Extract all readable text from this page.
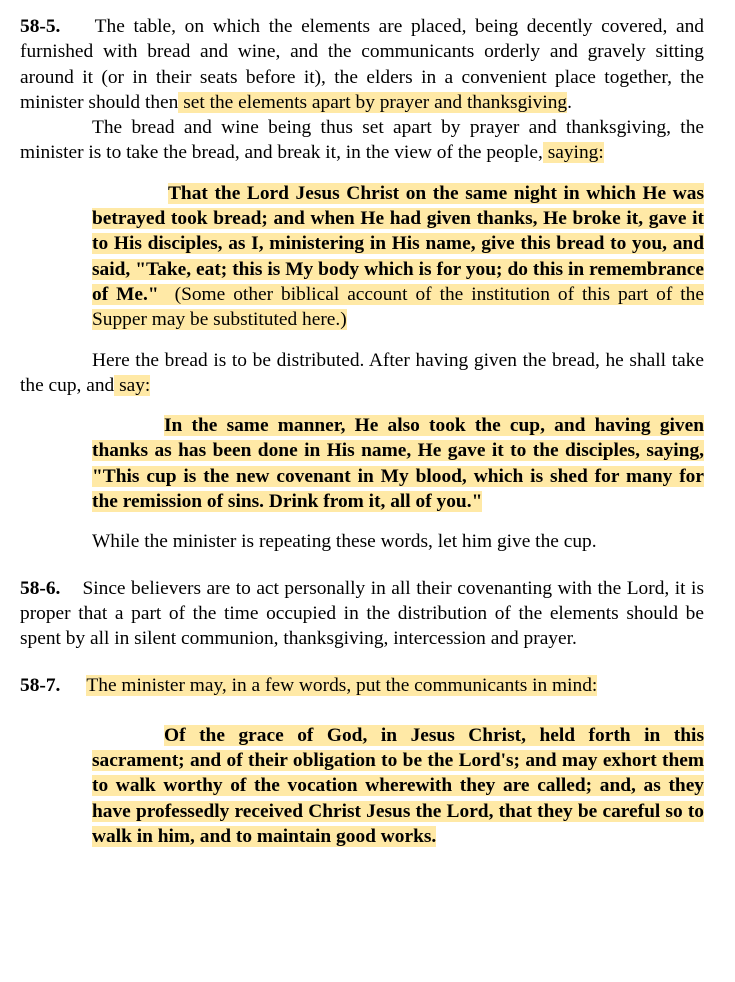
58-5. The table, on which the elements are placed, being decently covered, and furnished with bread and wine, and the communicants orderly and gravely sitting around it (or in their seats before it), the elders in a convenient place together, the minister should then set the elements apart by prayer and thanksgiving.

The bread and wine being thus set apart by prayer and thanksgiving, the minister is to take the bread, and break it, in the view of the people, saying:

That the Lord Jesus Christ on the same night in which He was betrayed took bread; and when He had given thanks, He broke it, gave it to His disciples, as I, ministering in His name, give this bread to you, and said, "Take, eat; this is My body which is for you; do this in remembrance of Me." (Some other biblical account of the institution of this part of the Supper may be substituted here.)

Here the bread is to be distributed. After having given the bread, he shall take the cup, and say:

In the same manner, He also took the cup, and having given thanks as has been done in His name, He gave it to the disciples, saying, "This cup is the new covenant in My blood, which is shed for many for the remission of sins. Drink from it, all of you."

While the minister is repeating these words, let him give the cup.

58-6. Since believers are to act personally in all their covenanting with the Lord, it is proper that a part of the time occupied in the distribution of the elements should be spent by all in silent communion, thanksgiving, intercession and prayer.

58-7. The minister may, in a few words, put the communicants in mind:

Of the grace of God, in Jesus Christ, held forth in this sacrament; and of their obligation to be the Lord's; and may exhort them to walk worthy of the vocation wherewith they are called; and, as they have professedly received Christ Jesus the Lord, that they be careful so to walk in him, and to maintain good works.
